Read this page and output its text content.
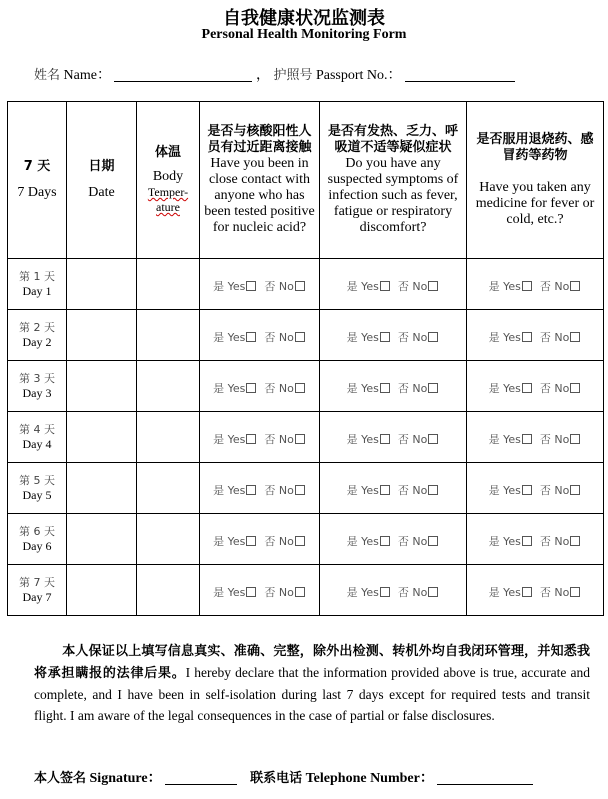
自我健康状况监测表
Personal Health Monitoring Form
姓名 Name：	， 护照号 Passport No.：
7 天
7 Days	日期
Date	体温
Body
Temper-
ature	是否与核酸阳性人员有过近距离接触
Have you been in close contact with anyone who has been tested positive for nucleic acid?	是否有发热、乏力、呼吸道不适等疑似症状
Do you have any suspected symptoms of infection such as fever, fatigue or respiratory discomfort?	是否服用退烧药、感冒药等药物
Have you taken any medicine for fever or cold, etc.?

第 1 天
Day 1			是 Yes 否 No	是 Yes 否 No	是 Yes 否 No

第 2 天
Day 2			是 Yes 否 No	是 Yes 否 No	是 Yes 否 No

第 3 天
Day 3			是 Yes 否 No	是 Yes 否 No	是 Yes 否 No

第 4 天
Day 4			是 Yes 否 No	是 Yes 否 No	是 Yes 否 No

第 5 天
Day 5			是 Yes 否 No	是 Yes 否 No	是 Yes 否 No

第 6 天
Day 6			是 Yes 否 No	是 Yes 否 No	是 Yes 否 No

第 7 天
Day 7			是 Yes 否 No	是 Yes 否 No	是 Yes 否 No
本人保证以上填写信息真实、准确、完整，除外出检测、转机外均自我闭环管理，并知悉我将承担瞒报的法律后果。I hereby declare that the information provided above is true, accurate and complete, and I have been in self-isolation during last 7 days except for required tests and transit flight. I am aware of the legal consequences in the case of partial or false disclosures.
本人签名 Signature：	联系电话 Telephone Number：
